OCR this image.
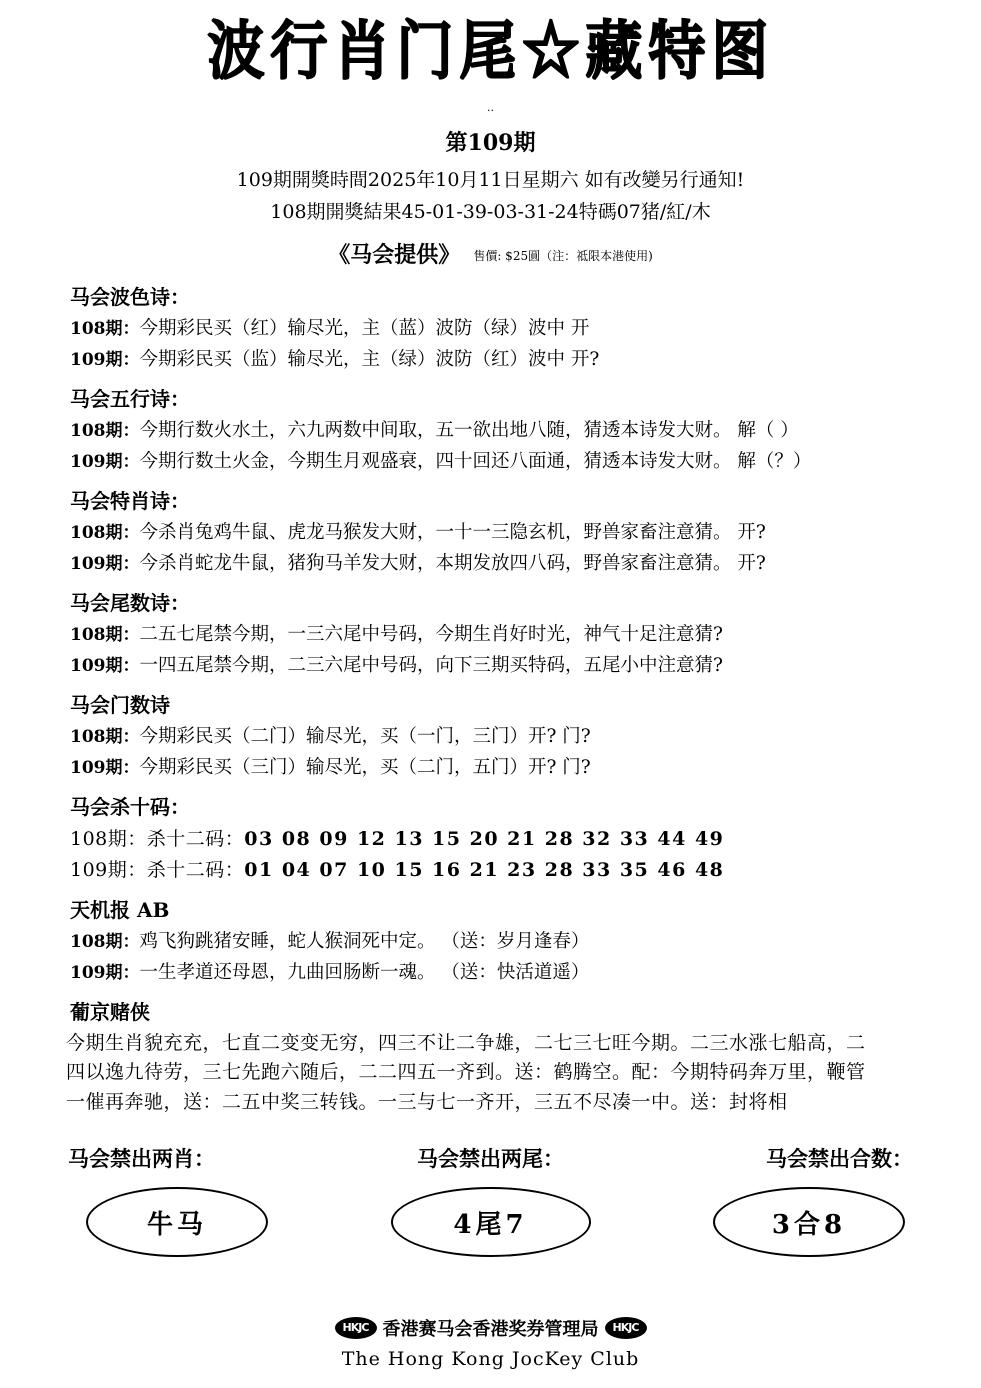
波行肖门尾☆藏特图
··
第109期
109期開獎時間2025年10月11日星期六 如有改變另行通知!
108期開獎結果45-01-39-03-31-24特碼07猪/紅/木
《马会提供》 售價: $25圓（注：祗限本港使用)
马会波色诗：
108期：今期彩民买（红）输尽光，主（蓝）波防（绿）波中 开
109期：今期彩民买（监）输尽光，主（绿）波防（红）波中 开?
马会五行诗：
108期：今期行数火水土，六九两数中间取，五一欲出地八随，猜透本诗发大财。 解（ ）
109期：今期行数土火金，今期生月观盛衰，四十回还八面通，猜透本诗发大财。 解（？）
马会特肖诗：
108期：今杀肖兔鸡牛鼠、虎龙马猴发大财，一十一三隐玄机，野兽家畜注意猜。 开?
109期：今杀肖蛇龙牛鼠，猪狗马羊发大财，本期发放四八码，野兽家畜注意猜。 开?
马会尾数诗：
108期：二五七尾禁今期，一三六尾中号码，今期生肖好时光，神气十足注意猜?
109期：一四五尾禁今期，二三六尾中号码，向下三期买特码，五尾小中注意猜?
马会门数诗
108期：今期彩民买（二门）输尽光，买（一门，三门）开? 门?
109期：今期彩民买（三门）输尽光，买（二门，五门）开? 门?
马会杀十码：
108期：杀十二码：03 08 09 12 13 15 20 21 28 32 33 44 49
109期：杀十二码：01 04 07 10 15 16 21 23 28 33 35 46 48
天机报 AB
108期：鸡飞狗跳猪安睡，蛇人猴洞死中定。 （送：岁月逢春）
109期：一生孝道还母恩，九曲回肠断一魂。 （送：快活道遥）
葡京赌侠
今期生肖貌充充，七直二变变无穷，四三不让二争雄，二七三七旺今期。二三水涨七船高，二
四以逸九待劳，三七先跑六随后，二二四五一齐到。送：鹤腾空。配：今期特码奔万里，鞭管
一催再奔驰，送：二五中奖三转钱。一三与七一齐开，三五不尽凑一中。送：封将相
马会禁出两肖：
牛马
马会禁出两尾：
4尾7
马会禁出合数：
3合8
HKJC 香港赛马会香港奖券管理局	HKJC
The Hong Kong JocKey Club
